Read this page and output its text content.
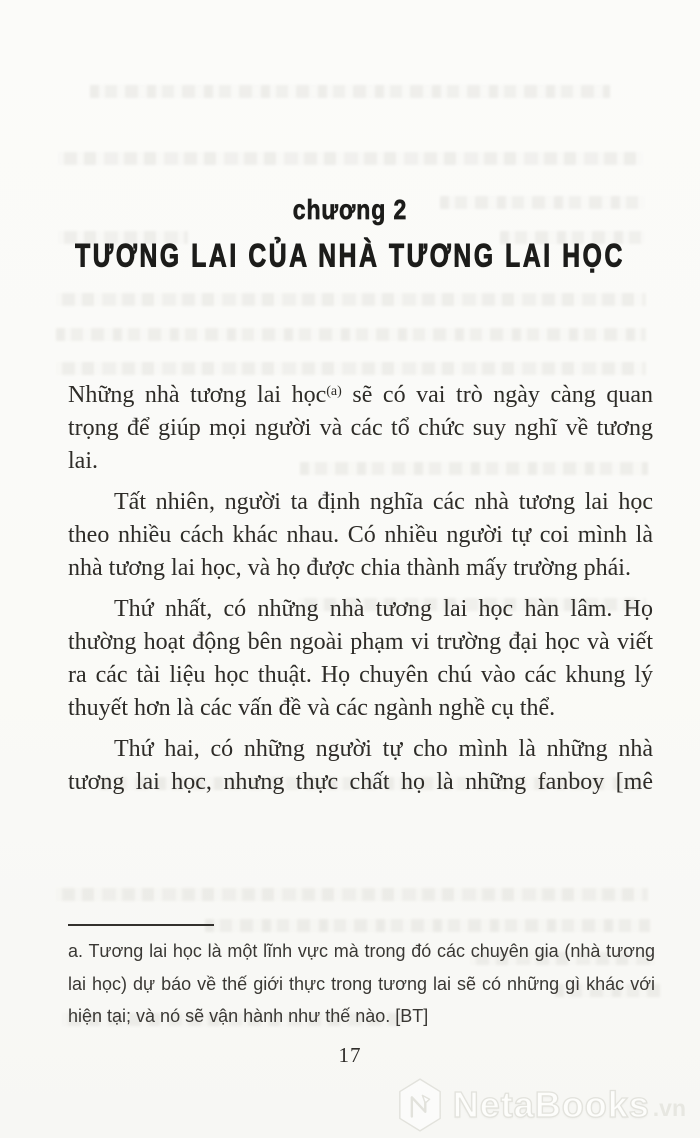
chương 2
TƯƠNG LAI CỦA NHÀ TƯƠNG LAI HỌC

Những nhà tương lai học$^{(a)}$ sẽ có vai trò ngày càng quan trọng để giúp mọi người và các tổ chức suy nghĩ về tương lai.

Tất nhiên, người ta định nghĩa các nhà tương lai học theo nhiều cách khác nhau. Có nhiều người tự coi mình là nhà tương lai học, và họ được chia thành mấy trường phái.

Thứ nhất, có những nhà tương lai học hàn lâm. Họ thường hoạt động bên ngoài phạm vi trường đại học và viết ra các tài liệu học thuật. Họ chuyên chú vào các khung lý thuyết hơn là các vấn đề và các ngành nghề cụ thể.

Thứ hai, có những người tự cho mình là những nhà tương lai học, nhưng thực chất họ là những fanboy [mê

a. Tương lai học là một lĩnh vực mà trong đó các chuyên gia (nhà tương lai học) dự báo về thế giới thực trong tương lai sẽ có những gì khác với hiện tại; và nó sẽ vận hành như thế nào. [BT]

17
NetaBooks .vn
